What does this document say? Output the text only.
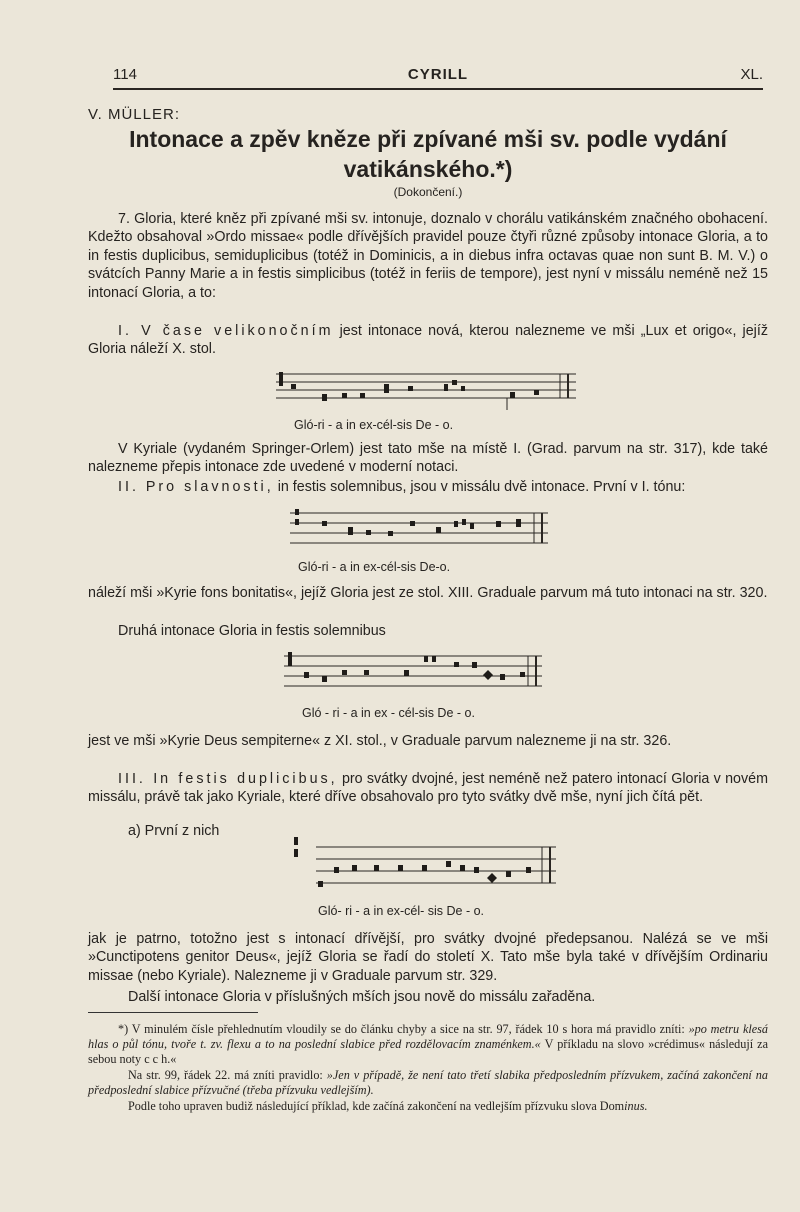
114	CYRILL	XL.
V. MÜLLER:
Intonace a zpěv kněze při zpívané mši sv. podle vydání
vatikánského.*)
(Dokončení.)
7. Gloria, které kněz při zpívané mši sv. intonuje, doznalo v chorálu vatikánském značného obohacení. Kdežto obsahoval »Ordo missae« podle dřívějších pravidel pouze čtyři různé způsoby intonace Gloria, a to in festis duplicibus, semiduplicibus (totéž in Dominicis, a in diebus infra octavas quae non sunt B. M. V.) o svátcích Panny Marie a in festis simplicibus (totéž in feriis de tempore), jest nyní v missálu neméně než 15 intonací Gloria, a to:
I. V čase velikonočním jest intonace nová, kterou nalezneme ve mši „Lux et origo«, jejíž Gloria náleží X. stol.
Gló-ri - a in ex-cél-sis De - o.
V Kyriale (vydaném Springer-Orlem) jest tato mše na místě I. (Grad. parvum na str. 317), kde také nalezneme přepis intonace zde uvedené v moderní notaci.
II. Pro slavnosti, in festis solemnibus, jsou v missálu dvě intonace. První v I. tónu:
Gló-ri - a in ex-cél-sis De-o.
náleží mši »Kyrie fons bonitatis«, jejíž Gloria jest ze stol. XIII. Graduale parvum má tuto intonaci na str. 320.
Druhá intonace Gloria in festis solemnibus
Gló - ri - a in ex - cél-sis De - o.
jest ve mši »Kyrie Deus sempiterne« z XI. stol., v Graduale parvum nalezneme ji na str. 326.
III. In festis duplicibus, pro svátky dvojné, jest neméně než patero intonací Gloria v novém missálu, právě tak jako Kyriale, které dříve obsahovalo pro tyto svátky dvě mše, nyní jich čítá pět.
a) První z nich
Gló- ri - a in ex-cél- sis De - o.
jak je patrno, totožno jest s intonací dřívější, pro svátky dvojné předepsanou. Nalézá se ve mši »Cunctipotens genitor Deus«, jejíž Gloria se řadí do století X. Tato mše byla také v dřívějším Ordinariu missae (nebo Kyriale). Nalezneme ji v Graduale parvum str. 329.
Další intonace Gloria v příslušných mších jsou nově do missálu zařaděna.
*) V minulém čísle přehlednutím vloudily se do článku chyby a sice na str. 97, řádek 10 s hora má pravidlo zníti: »po metru klesá hlas o půl tónu, tvoře t. zv. flexu a to na poslední slabice před rozdělovacím znaménkem.« V příkladu na slovo »crédimus« následují za sebou noty c c h.«
Na str. 99, řádek 22. má zníti pravidlo: »Jen v případě, že není tato třetí slabika předposledním přízvukem, začíná zakončení na předposlední slabice přízvučné (třeba přízvuku vedlejším).
Podle toho upraven budiž následující příklad, kde začíná zakončení na vedlejším přízvuku slova Dominus.
